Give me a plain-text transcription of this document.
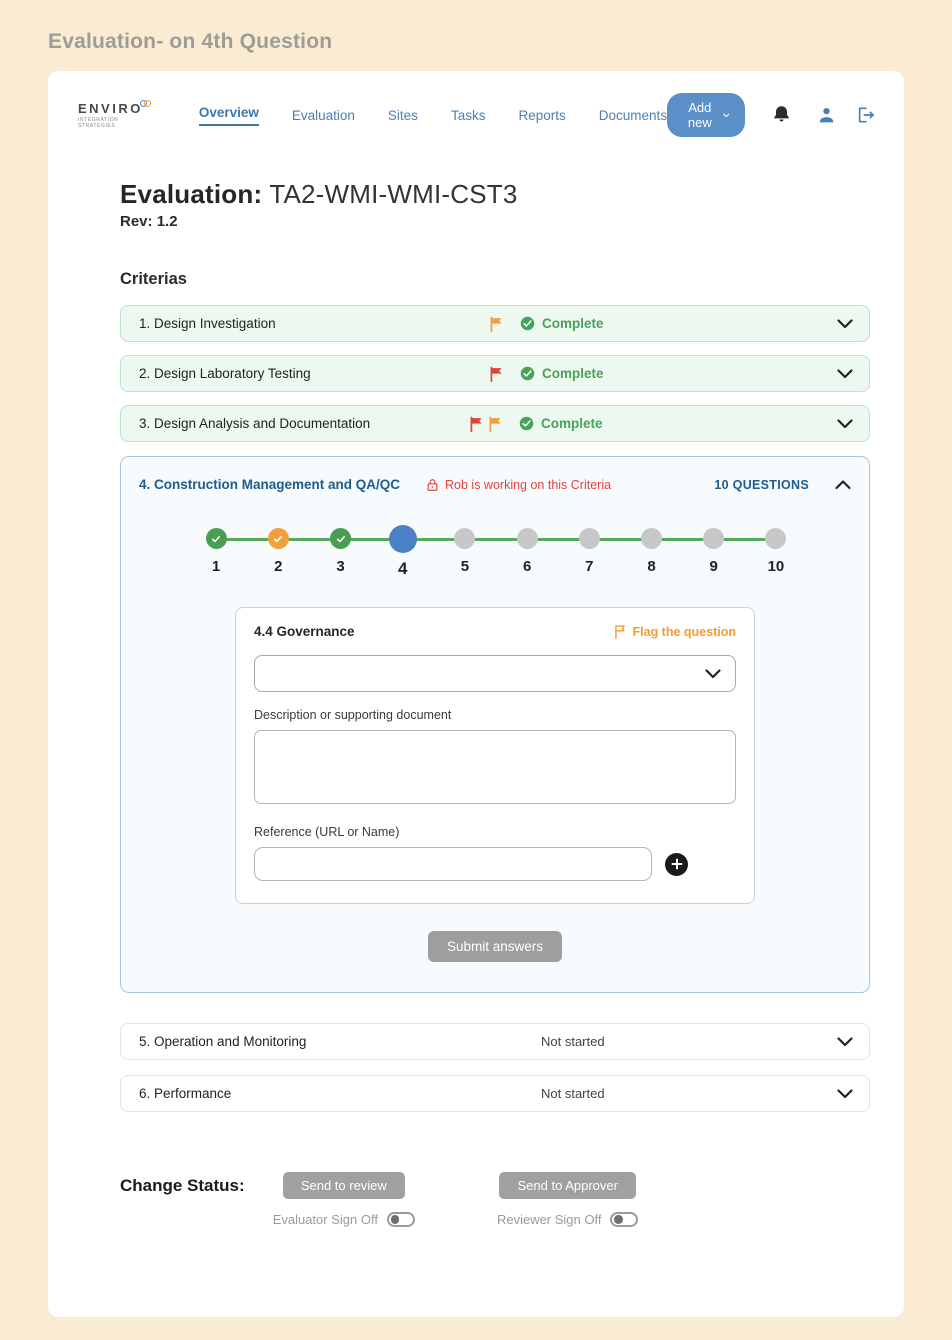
Evaluation- on 4th Question
ENVIRO
INTEGRATION STRATEGIES
Overview Evaluation Sites Tasks Reports Documents Add new
Evaluation: TA2-WMI-WMI-CST3
Rev: 1.2
Criterias
1. Design Investigation	Complete
2. Design Laboratory Testing	Complete
3. Design Analysis and Documentation	Complete
4. Construction Management and QA/QC	Rob is working on this Criteria	10 QUESTIONS
1	2	3	4	5	6	7	8	9	10
4.4 Governance	Flag the question
Description or supporting document
Reference (URL or Name)
Submit answers
5. Operation and Monitoring	Not started
6. Performance	Not started
Change Status:	Send to review
Evaluator Sign Off
Send to Approver
Reviewer Sign Off
